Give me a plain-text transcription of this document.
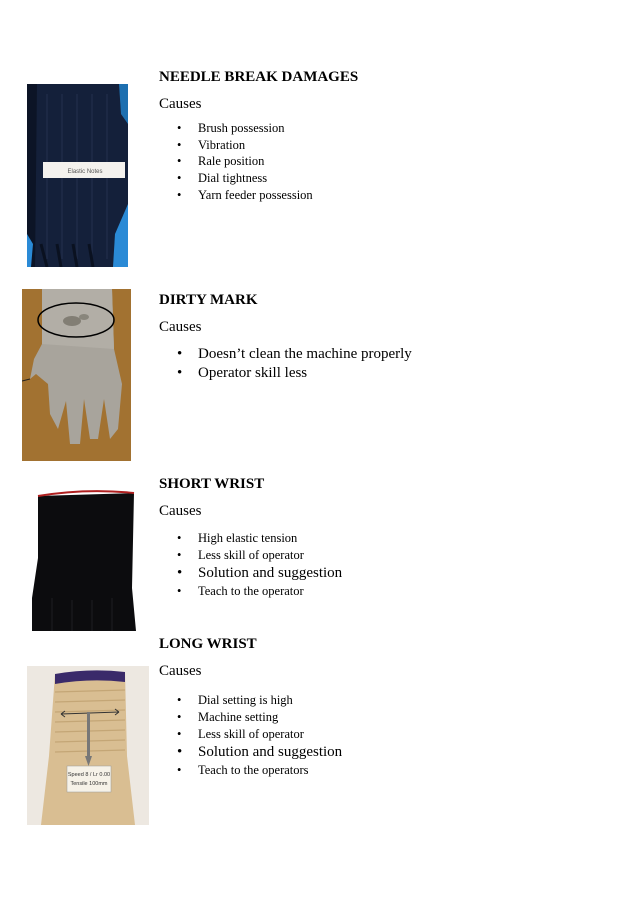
Elastic Notes
NEEDLE BREAK DAMAGES
Causes
• Brush possession
• Vibration
• Rale position
• Dial tightness
• Yarn feeder possession
DIRTY MARK
Causes
• Doesn’t clean the machine properly
• Operator skill less
SHORT WRIST
Causes
• High elastic tension
• Less skill of operator
• Solution and suggestion
• Teach to the operator
Speed 8 / Lr 0.00
Tensile 100mm
LONG WRIST
Causes
• Dial setting is high
• Machine setting
• Less skill of operator
• Solution and suggestion
• Teach to the operators
